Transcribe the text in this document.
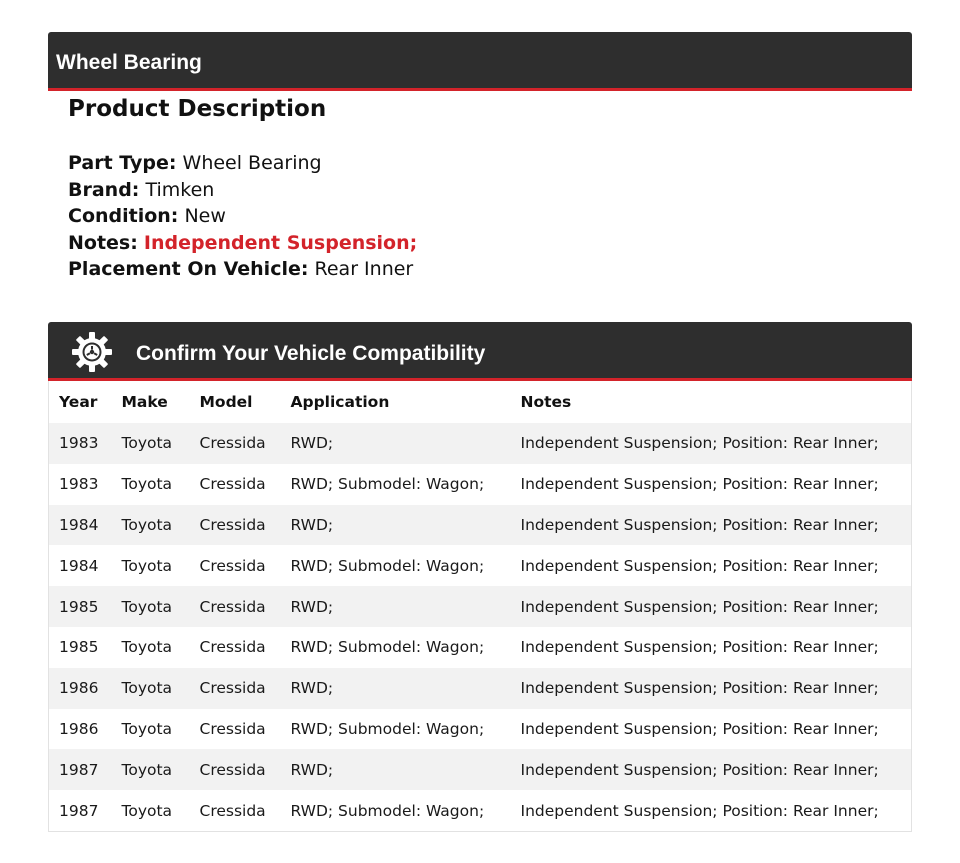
Wheel Bearing
Product Description
Part Type: Wheel Bearing
Brand: Timken
Condition: New
Notes: Independent Suspension;
Placement On Vehicle: Rear Inner
Confirm Your Vehicle Compatibility
Year	Make	Model	Application	Notes
1983	Toyota	Cressida	RWD;	Independent Suspension; Position: Rear Inner;
1983	Toyota	Cressida	RWD; Submodel: Wagon;	Independent Suspension; Position: Rear Inner;
1984	Toyota	Cressida	RWD;	Independent Suspension; Position: Rear Inner;
1984	Toyota	Cressida	RWD; Submodel: Wagon;	Independent Suspension; Position: Rear Inner;
1985	Toyota	Cressida	RWD;	Independent Suspension; Position: Rear Inner;
1985	Toyota	Cressida	RWD; Submodel: Wagon;	Independent Suspension; Position: Rear Inner;
1986	Toyota	Cressida	RWD;	Independent Suspension; Position: Rear Inner;
1986	Toyota	Cressida	RWD; Submodel: Wagon;	Independent Suspension; Position: Rear Inner;
1987	Toyota	Cressida	RWD;	Independent Suspension; Position: Rear Inner;
1987	Toyota	Cressida	RWD; Submodel: Wagon;	Independent Suspension; Position: Rear Inner;
